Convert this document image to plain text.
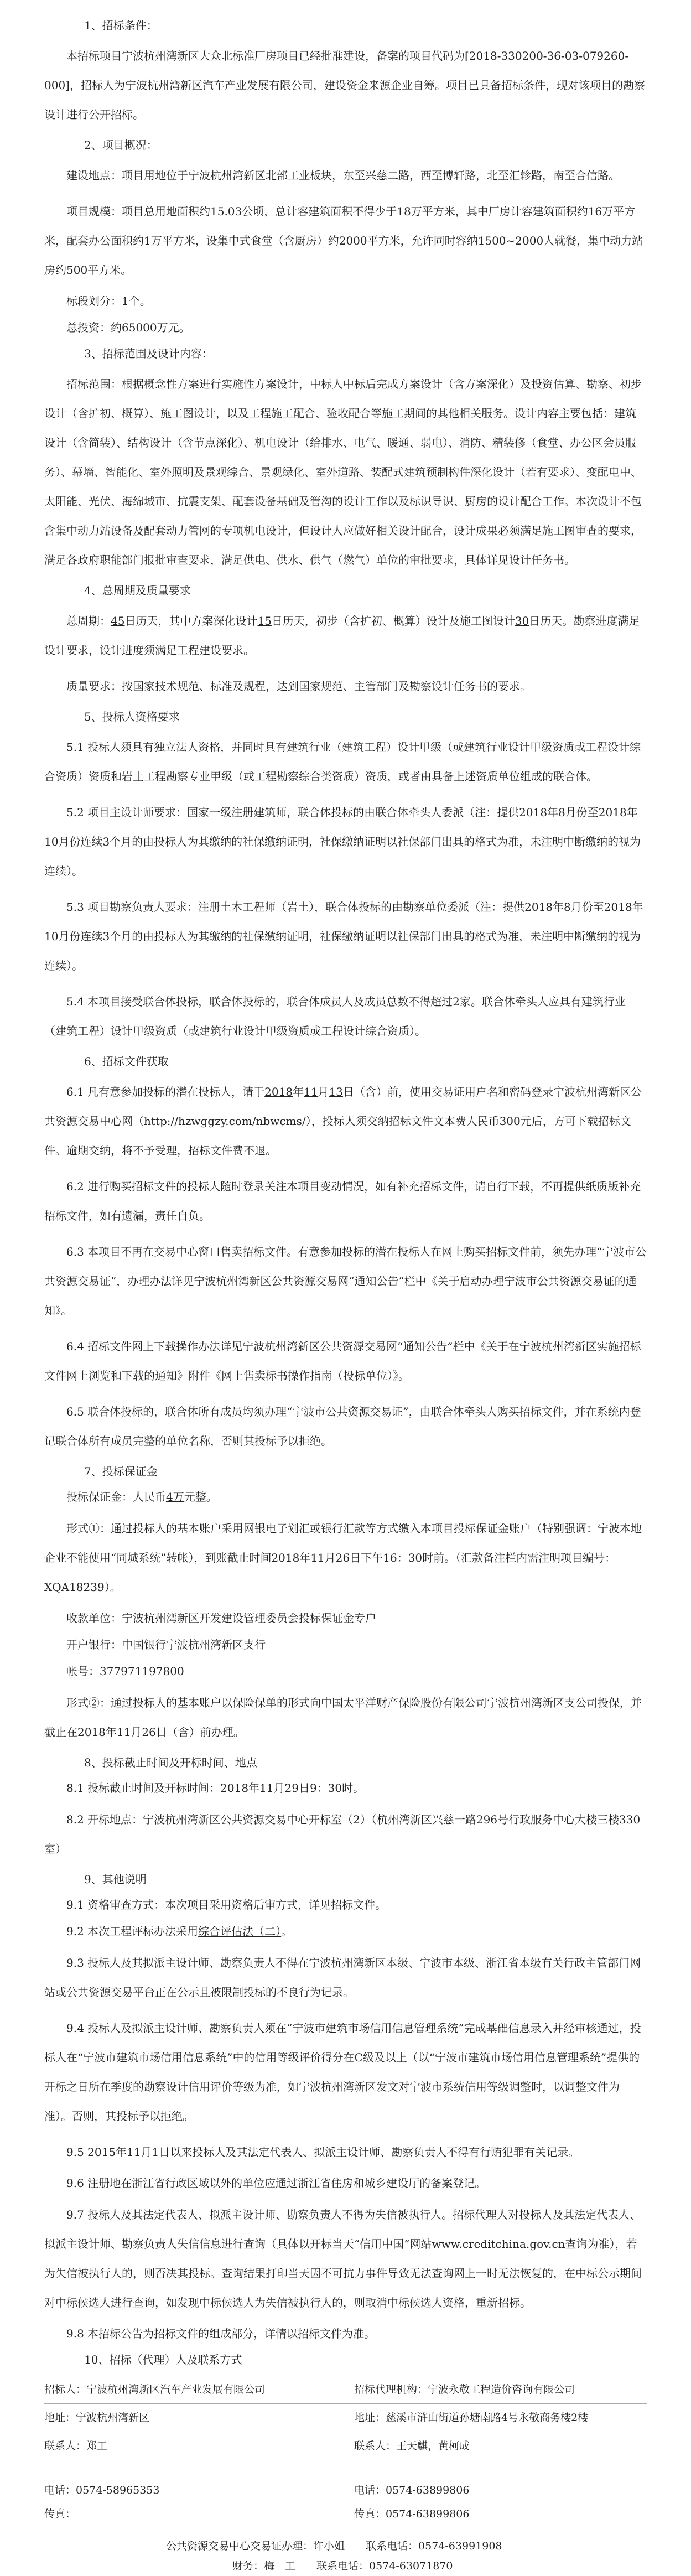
1、招标条件：
本招标项目宁波杭州湾新区大众北标准厂房项目已经批准建设，备案的项目代码为[2018-330200-36-03-079260-000]，招标人为宁波杭州湾新区汽车产业发展有限公司，建设资金来源企业自筹。项目已具备招标条件，现对该项目的勘察设计进行公开招标。
2、项目概况：
建设地点：项目用地位于宁波杭州湾新区北部工业板块，东至兴慈二路，西至博轩路，北至汇轸路，南至合信路。
项目规模：项目总用地面积约15.03公顷，总计容建筑面积不得少于18万平方米，其中厂房计容建筑面积约16万平方米，配套办公面积约1万平方米，设集中式食堂（含厨房）约2000平方米，允许同时容纳1500~2000人就餐，集中动力站房约500平方米。
标段划分：1个。
总投资：约65000万元。
3、招标范围及设计内容：
招标范围：根据概念性方案进行实施性方案设计，中标人中标后完成方案设计（含方案深化）及投资估算、勘察、初步设计（含扩初、概算）、施工图设计，以及工程施工配合、验收配合等施工期间的其他相关服务。设计内容主要包括：建筑设计（含简装）、结构设计（含节点深化）、机电设计（给排水、电气、暖通、弱电）、消防、精装修（食堂、办公区会员服务）、幕墙、智能化、室外照明及景观综合、景观绿化、室外道路、装配式建筑预制构件深化设计（若有要求）、变配电中、太阳能、光伏、海绵城市、抗震支架、配套设备基础及管沟的设计工作以及标识导识、厨房的设计配合工作。本次设计不包含集中动力站设备及配套动力管网的专项机电设计，但设计人应做好相关设计配合，设计成果必须满足施工图审查的要求，满足各政府职能部门报批审查要求，满足供电、供水、供气（燃气）单位的审批要求，具体详见设计任务书。
4、总周期及质量要求
总周期：45日历天，其中方案深化设计15日历天，初步（含扩初、概算）设计及施工图设计30日历天。勘察进度满足设计要求，设计进度须满足工程建设要求。
质量要求：按国家技术规范、标准及规程，达到国家规范、主管部门及勘察设计任务书的要求。
5、投标人资格要求
5.1 投标人须具有独立法人资格，并同时具有建筑行业（建筑工程）设计甲级（或建筑行业设计甲级资质或工程设计综合资质）资质和岩土工程勘察专业甲级（或工程勘察综合类资质）资质，或者由具备上述资质单位组成的联合体。
5.2 项目主设计师要求：国家一级注册建筑师，联合体投标的由联合体牵头人委派（注：提供2018年8月份至2018年10月份连续3个月的由投标人为其缴纳的社保缴纳证明，社保缴纳证明以社保部门出具的格式为准，未注明中断缴纳的视为连续）。
5.3 项目勘察负责人要求：注册土木工程师（岩土），联合体投标的由勘察单位委派（注：提供2018年8月份至2018年10月份连续3个月的由投标人为其缴纳的社保缴纳证明，社保缴纳证明以社保部门出具的格式为准，未注明中断缴纳的视为连续）。
5.4 本项目接受联合体投标，联合体投标的，联合体成员人及成员总数不得超过2家。联合体牵头人应具有建筑行业（建筑工程）设计甲级资质（或建筑行业设计甲级资质或工程设计综合资质）。
6、招标文件获取
6.1 凡有意参加投标的潜在投标人，请于2018年11月13日（含）前，使用交易证用户名和密码登录宁波杭州湾新区公共资源交易中心网（http://hzwggzy.com/nbwcms/），投标人须交纳招标文件文本费人民币300元后，方可下载招标文件。逾期交纳，将不予受理，招标文件费不退。
6.2 进行购买招标文件的投标人随时登录关注本项目变动情况，如有补充招标文件，请自行下载，不再提供纸质版补充招标文件，如有遗漏，责任自负。
6.3 本项目不再在交易中心窗口售卖招标文件。有意参加投标的潜在投标人在网上购买招标文件前，须先办理“宁波市公共资源交易证”，办理办法详见宁波杭州湾新区公共资源交易网“通知公告”栏中《关于启动办理宁波市公共资源交易证的通知》。
6.4 招标文件网上下载操作办法详见宁波杭州湾新区公共资源交易网“通知公告”栏中《关于在宁波杭州湾新区实施招标文件网上浏览和下载的通知》附件《网上售卖标书操作指南（投标单位）》。
6.5 联合体投标的，联合体所有成员均须办理“宁波市公共资源交易证”，由联合体牵头人购买招标文件，并在系统内登记联合体所有成员完整的单位名称，否则其投标予以拒绝。
7、投标保证金
投标保证金：人民币4万元整。
形式①：通过投标人的基本账户采用网银电子划汇或银行汇款等方式缴入本项目投标保证金账户（特别强调：宁波本地企业不能使用“同城系统”转帐），到账截止时间2018年11月26日下午16：30时前。（汇款备注栏内需注明项目编号：XQA18239）。
收款单位：宁波杭州湾新区开发建设管理委员会投标保证金专户
开户银行：中国银行宁波杭州湾新区支行
帐号：377971197800
形式②：通过投标人的基本账户以保险保单的形式向中国太平洋财产保险股份有限公司宁波杭州湾新区支公司投保，并截止在2018年11月26日（含）前办理。
8、投标截止时间及开标时间、地点
8.1 投标截止时间及开标时间：2018年11月29日9：30时。
8.2 开标地点：宁波杭州湾新区公共资源交易中心开标室（2）（杭州湾新区兴慈一路296号行政服务中心大楼三楼330室）
9、其他说明
9.1 资格审查方式：本次项目采用资格后审方式，详见招标文件。
9.2 本次工程评标办法采用综合评估法（二）。
9.3 投标人及其拟派主设计师、勘察负责人不得在宁波杭州湾新区本级、宁波市本级、浙江省本级有关行政主管部门网站或公共资源交易平台正在公示且被限制投标的不良行为记录。
9.4 投标人及拟派主设计师、勘察负责人须在“宁波市建筑市场信用信息管理系统”完成基础信息录入并经审核通过，投标人在“宁波市建筑市场信用信息系统”中的信用等级评价得分在C级及以上（以“宁波市建筑市场信用信息管理系统”提供的开标之日所在季度的勘察设计信用评价等级为准，如宁波杭州湾新区发文对宁波市系统信用等级调整时，以调整文件为准）。否则，其投标予以拒绝。
9.5 2015年11月1日以来投标人及其法定代表人、拟派主设计师、勘察负责人不得有行贿犯罪有关记录。
9.6 注册地在浙江省行政区域以外的单位应通过浙江省住房和城乡建设厅的备案登记。
9.7 投标人及其法定代表人、拟派主设计师、勘察负责人不得为失信被执行人。招标代理人对投标人及其法定代表人、拟派主设计师、勘察负责人失信信息进行查询（具体以开标当天“信用中国”网站www.creditchina.gov.cn查询为准），若为失信被执行人的，则否决其投标。查询结果打印当天因不可抗力事件导致无法查询网上一时无法恢复的，在中标公示期间对中标候选人进行查询，如发现中标候选人为失信被执行人的，则取消中标候选人资格，重新招标。
9.8 本招标公告为招标文件的组成部分，详情以招标文件为准。
10、招标（代理）人及联系方式
招标人：宁波杭州湾新区汽车产业发展有限公司	招标代理机构：宁波永敬工程造价咨询有限公司
地址：宁波杭州湾新区	地址：慈溪市浒山街道孙塘南路4号永敬商务楼2楼
联系人：郑工	联系人：王天麒，黄柯成
电话：0574-58965353	电话：0574-63899806
传真：	传真：0574-63899806
公共资源交易中心交易证办理：许小姐　　 联系电话：0574-63991908
财务：梅　工　　 联系电话：0574-63071870
